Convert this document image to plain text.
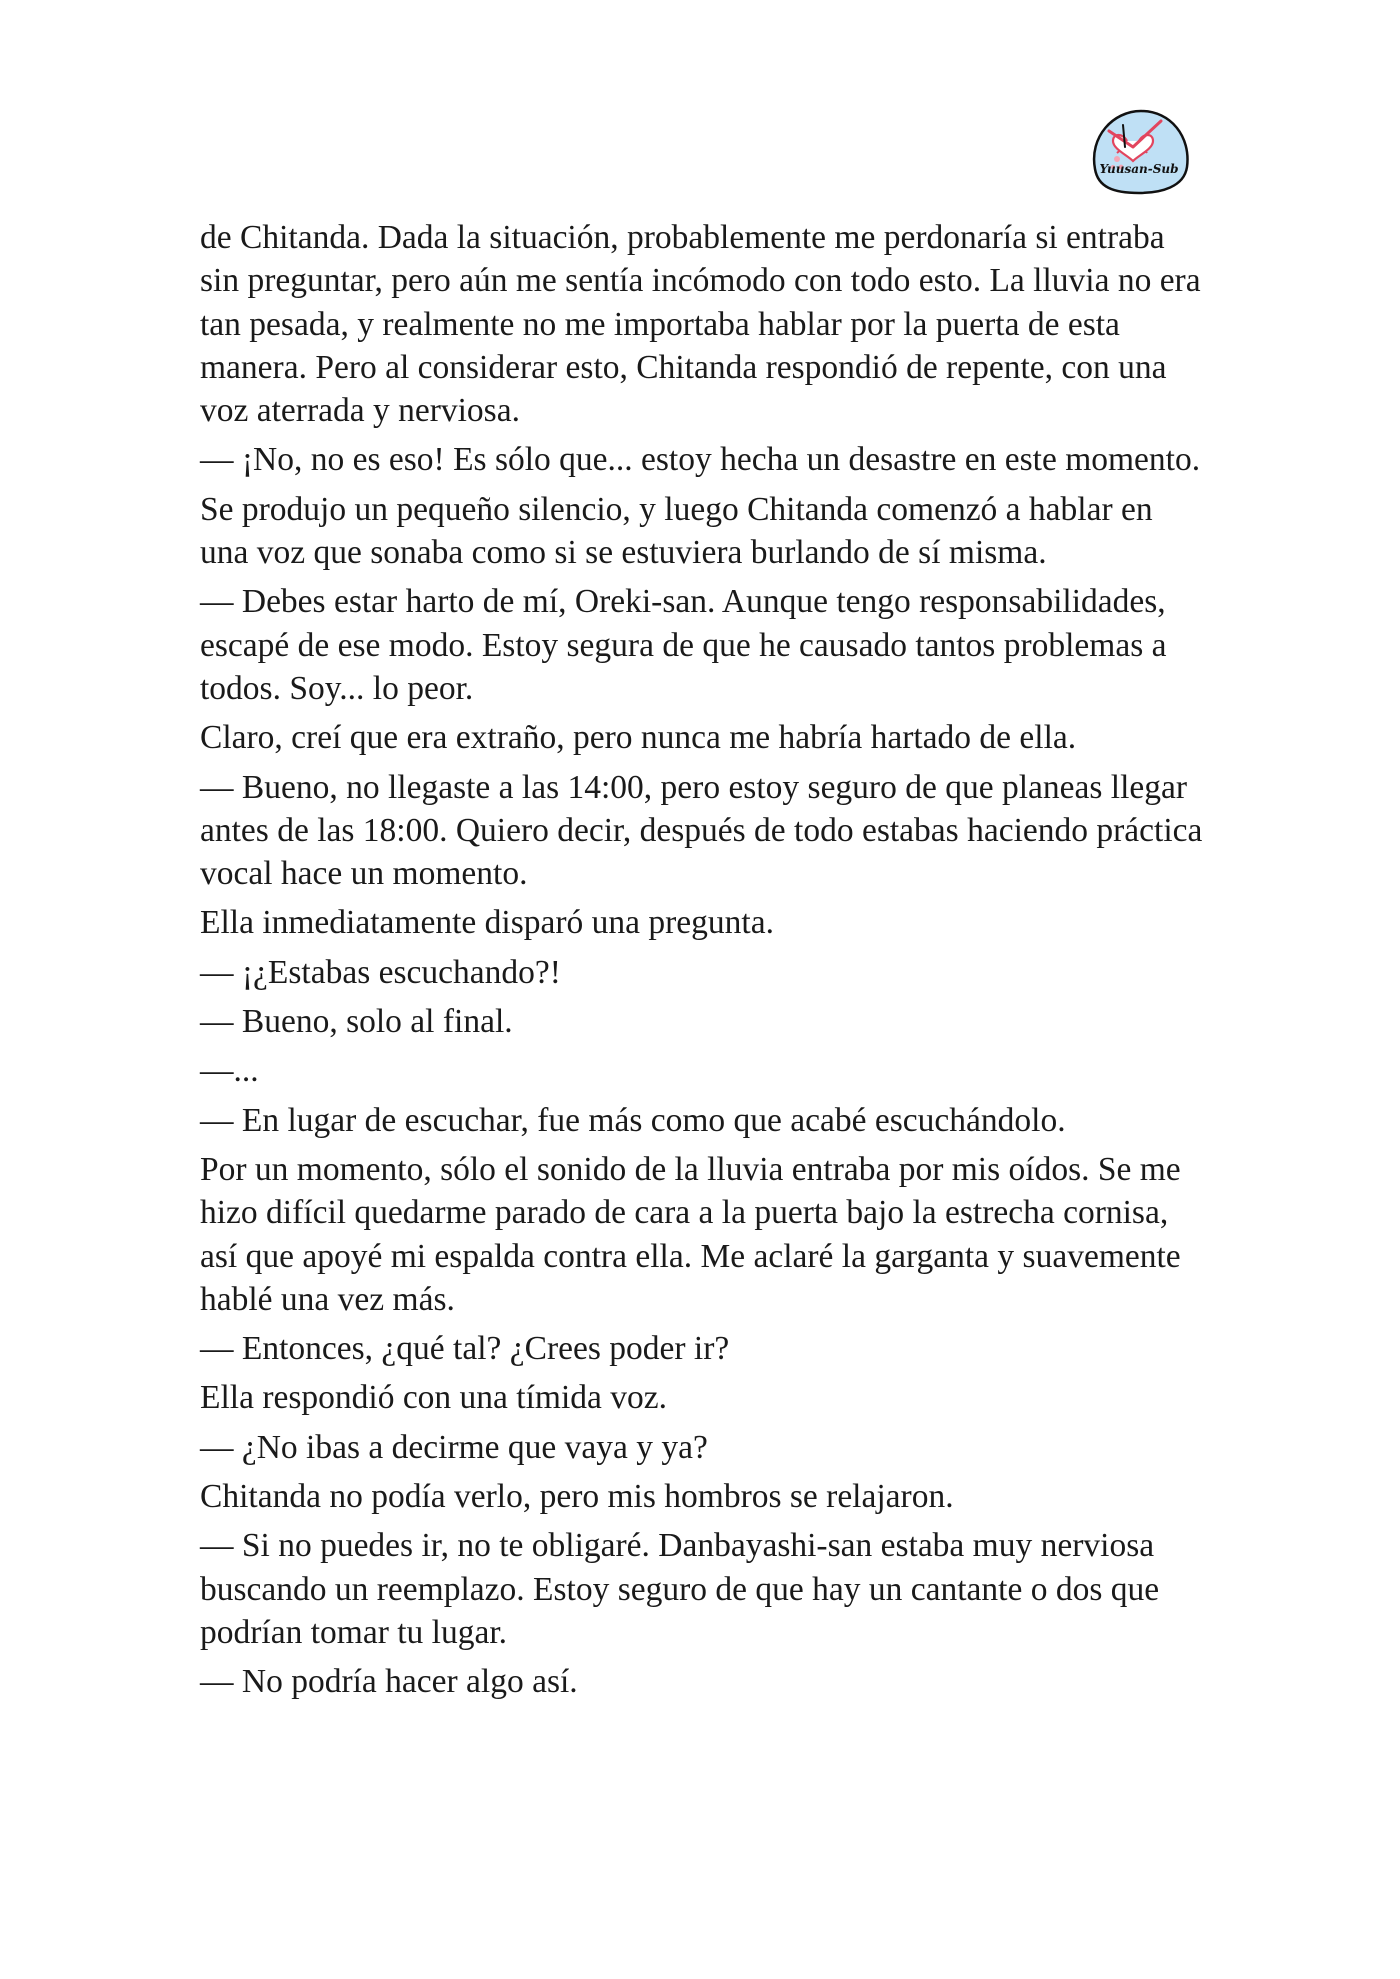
Yuusan-Sub

de Chitanda. Dada la situación, probablemente me perdonaría si entraba sin preguntar, pero aún me sentía incómodo con todo esto. La lluvia no era tan pesada, y realmente no me importaba hablar por la puerta de esta manera. Pero al considerar esto, Chitanda respondió de repente, con una voz aterrada y nerviosa.

— ¡No, no es eso! Es sólo que... estoy hecha un desastre en este momento.

Se produjo un pequeño silencio, y luego Chitanda comenzó a hablar en una voz que sonaba como si se estuviera burlando de sí misma.

— Debes estar harto de mí, Oreki-san. Aunque tengo responsabilidades, escapé de ese modo. Estoy segura de que he causado tantos problemas a todos. Soy... lo peor.

Claro, creí que era extraño, pero nunca me habría hartado de ella.

— Bueno, no llegaste a las 14:00, pero estoy seguro de que planeas llegar antes de las 18:00. Quiero decir, después de todo estabas haciendo práctica vocal hace un momento.

Ella inmediatamente disparó una pregunta.

— ¡¿Estabas escuchando?!

— Bueno, solo al final.

—...

— En lugar de escuchar, fue más como que acabé escuchándolo.

Por un momento, sólo el sonido de la lluvia entraba por mis oídos. Se me hizo difícil quedarme parado de cara a la puerta bajo la estrecha cornisa, así que apoyé mi espalda contra ella. Me aclaré la garganta y suavemente hablé una vez más.

— Entonces, ¿qué tal? ¿Crees poder ir?

Ella respondió con una tímida voz.

— ¿No ibas a decirme que vaya y ya?

Chitanda no podía verlo, pero mis hombros se relajaron.

— Si no puedes ir, no te obligaré. Danbayashi-san estaba muy nerviosa buscando un reemplazo. Estoy seguro de que hay un cantante o dos que podrían tomar tu lugar.

— No podría hacer algo así.
